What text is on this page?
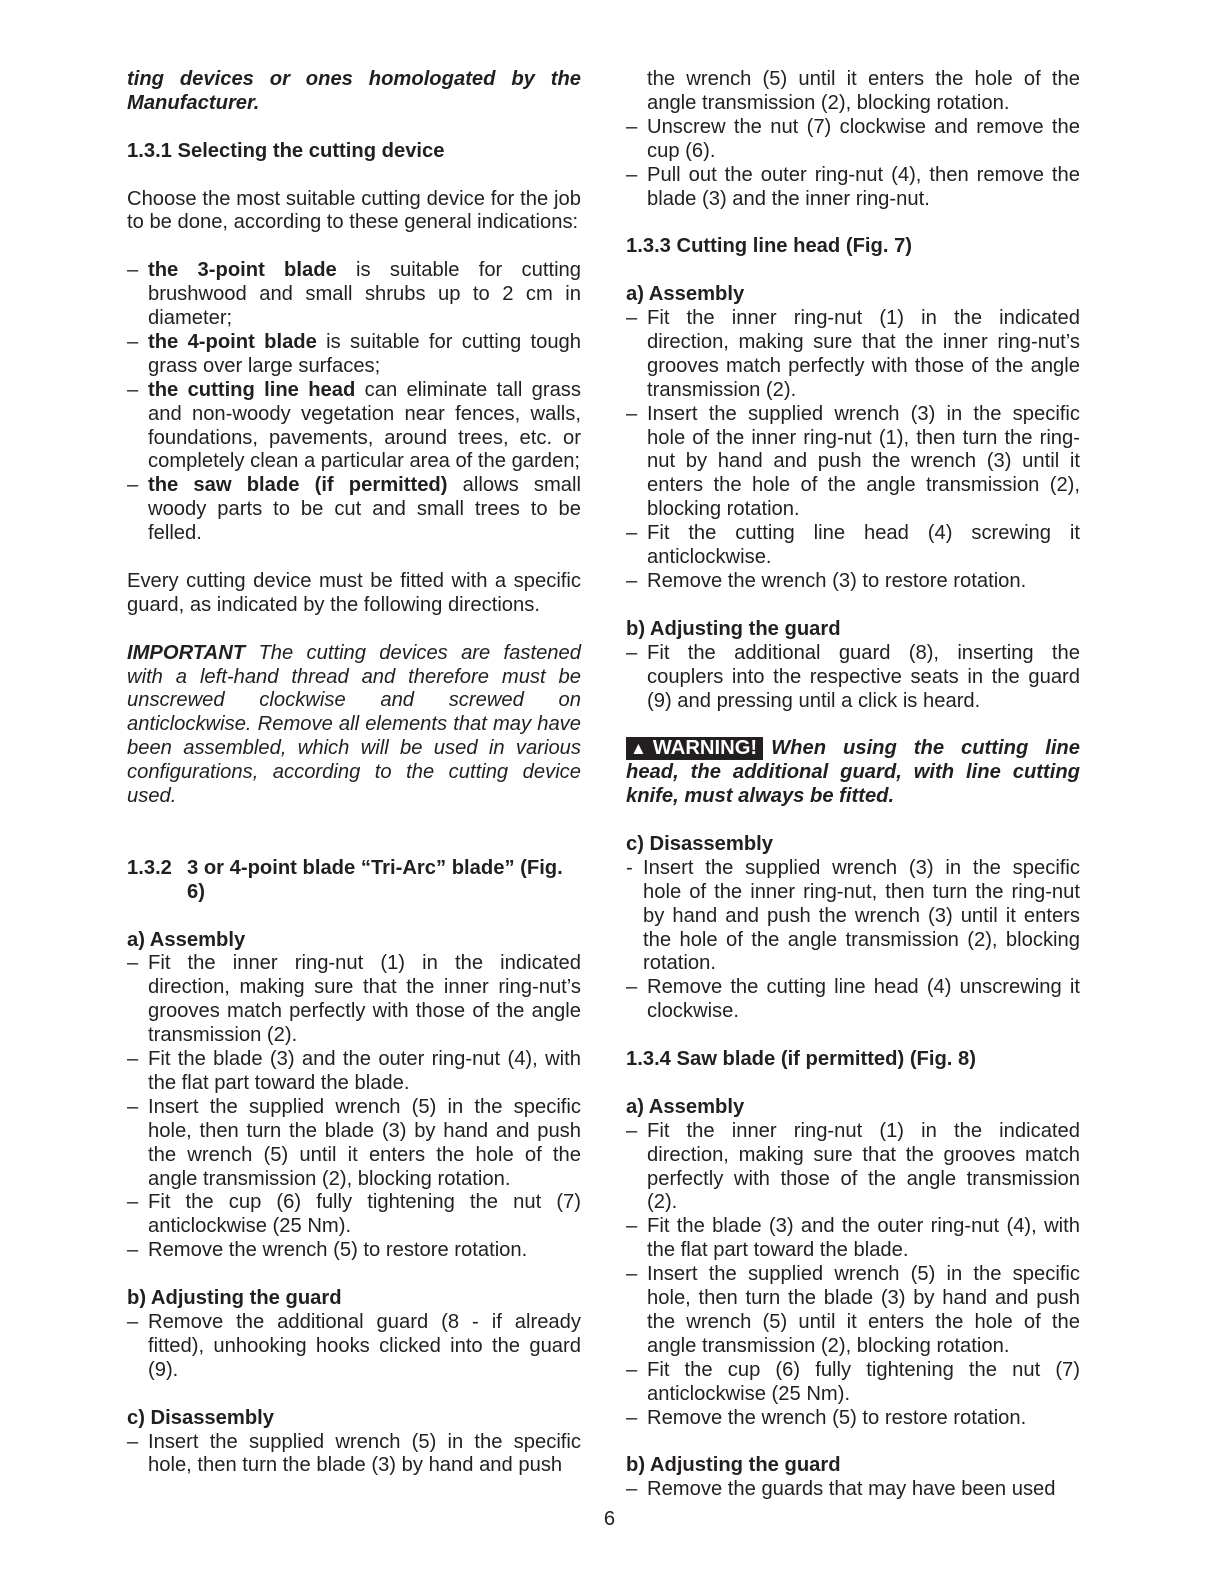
ting devices or ones homologated by the Manufacturer.

1.3.1 Selecting the cutting device

Choose the most suitable cutting device for the job to be done, according to these general indications:

– the 3-point blade is suitable for cutting brushwood and small shrubs up to 2 cm in diameter;
– the 4-point blade is suitable for cutting tough grass over large surfaces;
– the cutting line head can eliminate tall grass and non-woody vegetation near fences, walls, foundations, pavements, around trees, etc. or completely clean a particular area of the garden;
– the saw blade (if permitted) allows small woody parts to be cut and small trees to be felled.

Every cutting device must be fitted with a specific guard, as indicated by the following directions.

IMPORTANT The cutting devices are fastened with a left-hand thread and therefore must be unscrewed clockwise and screwed on anticlockwise. Remove all elements that may have been assembled, which will be used in various configurations, according to the cutting device used.

1.3.2 3 or 4-point blade “Tri-Arc” blade” (Fig. 6)
a) Assembly
– Fit the inner ring-nut (1) in the indicated direction, making sure that the inner ring-nut’s grooves match perfectly with those of the angle transmission (2).
– Fit the blade (3) and the outer ring-nut (4), with the flat part toward the blade.
– Insert the supplied wrench (5) in the specific hole, then turn the blade (3) by hand and push the wrench (5) until it enters the hole of the angle transmission (2), blocking rotation.
– Fit the cup (6) fully tightening the nut (7) anticlockwise (25 Nm).
– Remove the wrench (5) to restore rotation.
b) Adjusting the guard
– Remove the additional guard (8 - if already fitted), unhooking hooks clicked into the guard (9).
c) Disassembly
– Insert the supplied wrench (5) in the specific hole, then turn the blade (3) by hand and push
the wrench (5) until it enters the hole of the angle transmission (2), blocking rotation.
– Unscrew the nut (7) clockwise and remove the cup (6).
– Pull out the outer ring-nut (4), then remove the blade (3) and the inner ring-nut.
1.3.3 Cutting line head (Fig. 7)
a) Assembly
– Fit the inner ring-nut (1) in the indicated direction, making sure that the inner ring-nut’s grooves match perfectly with those of the angle transmission (2).
– Insert the supplied wrench (3) in the specific hole of the inner ring-nut (1), then turn the ring-nut by hand and push the wrench (3) until it enters the hole of the angle transmission (2), blocking rotation.
– Fit the cutting line head (4) screwing it anticlockwise.
– Remove the wrench (3) to restore rotation.
b) Adjusting the guard
– Fit the additional guard (8), inserting the couplers into the respective seats in the guard (9) and pressing until a click is heard.

▲ WARNING! When using the cutting line head, the additional guard, with line cutting knife, must always be fitted.

c) Disassembly
- Insert the supplied wrench (3) in the specific hole of the inner ring-nut, then turn the ring-nut by hand and push the wrench (3) until it enters the hole of the angle transmission (2), blocking rotation.
– Remove the cutting line head (4) unscrewing it clockwise.
1.3.4 Saw blade (if permitted) (Fig. 8)
a) Assembly
– Fit the inner ring-nut (1) in the indicated direction, making sure that the grooves match perfectly with those of the angle transmission (2).
– Fit the blade (3) and the outer ring-nut (4), with the flat part toward the blade.
– Insert the supplied wrench (5) in the specific hole, then turn the blade (3) by hand and push the wrench (5) until it enters the hole of the angle transmission (2), blocking rotation.
– Fit the cup (6) fully tightening the nut (7) anticlockwise (25 Nm).
– Remove the wrench (5) to restore rotation.
b) Adjusting the guard
– Remove the guards that may have been used
6
